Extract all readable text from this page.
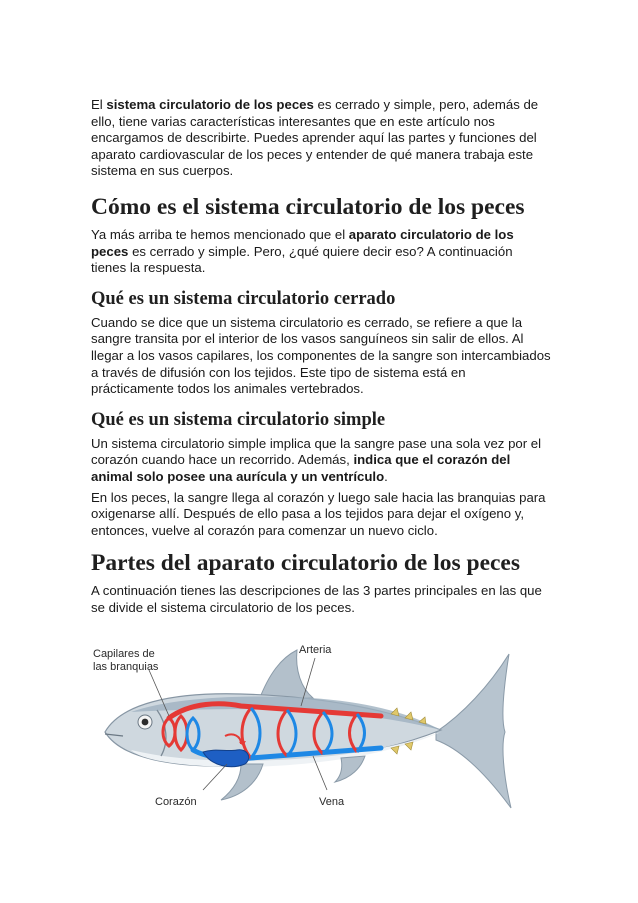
El sistema circulatorio de los peces es cerrado y simple, pero, además de ello, tiene varias características interesantes que en este artículo nos encargamos de describirte. Puedes aprender aquí las partes y funciones del aparato cardiovascular de los peces y entender de qué manera trabaja este sistema en sus cuerpos.

Cómo es el sistema circulatorio de los peces

Ya más arriba te hemos mencionado que el aparato circulatorio de los peces es cerrado y simple. Pero, ¿qué quiere decir eso? A continuación tienes la respuesta.

Qué es un sistema circulatorio cerrado

Cuando se dice que un sistema circulatorio es cerrado, se refiere a que la sangre transita por el interior de los vasos sanguíneos sin salir de ellos. Al llegar a los vasos capilares, los componentes de la sangre son intercambiados a través de difusión con los tejidos. Este tipo de sistema está en prácticamente todos los animales vertebrados.

Qué es un sistema circulatorio simple

Un sistema circulatorio simple implica que la sangre pase una sola vez por el corazón cuando hace un recorrido. Además, indica que el corazón del animal solo posee una aurícula y un ventrículo.

En los peces, la sangre llega al corazón y luego sale hacia las branquias para oxigenarse allí. Después de ello pasa a los tejidos para dejar el oxígeno y, entonces, vuelve al corazón para comenzar un nuevo ciclo.

Partes del aparato circulatorio de los peces

A continuación tienes las descripciones de las 3 partes principales en las que se divide el sistema circulatorio de los peces.

Capilares de
las branquias
Arteria
Corazón	Vena
